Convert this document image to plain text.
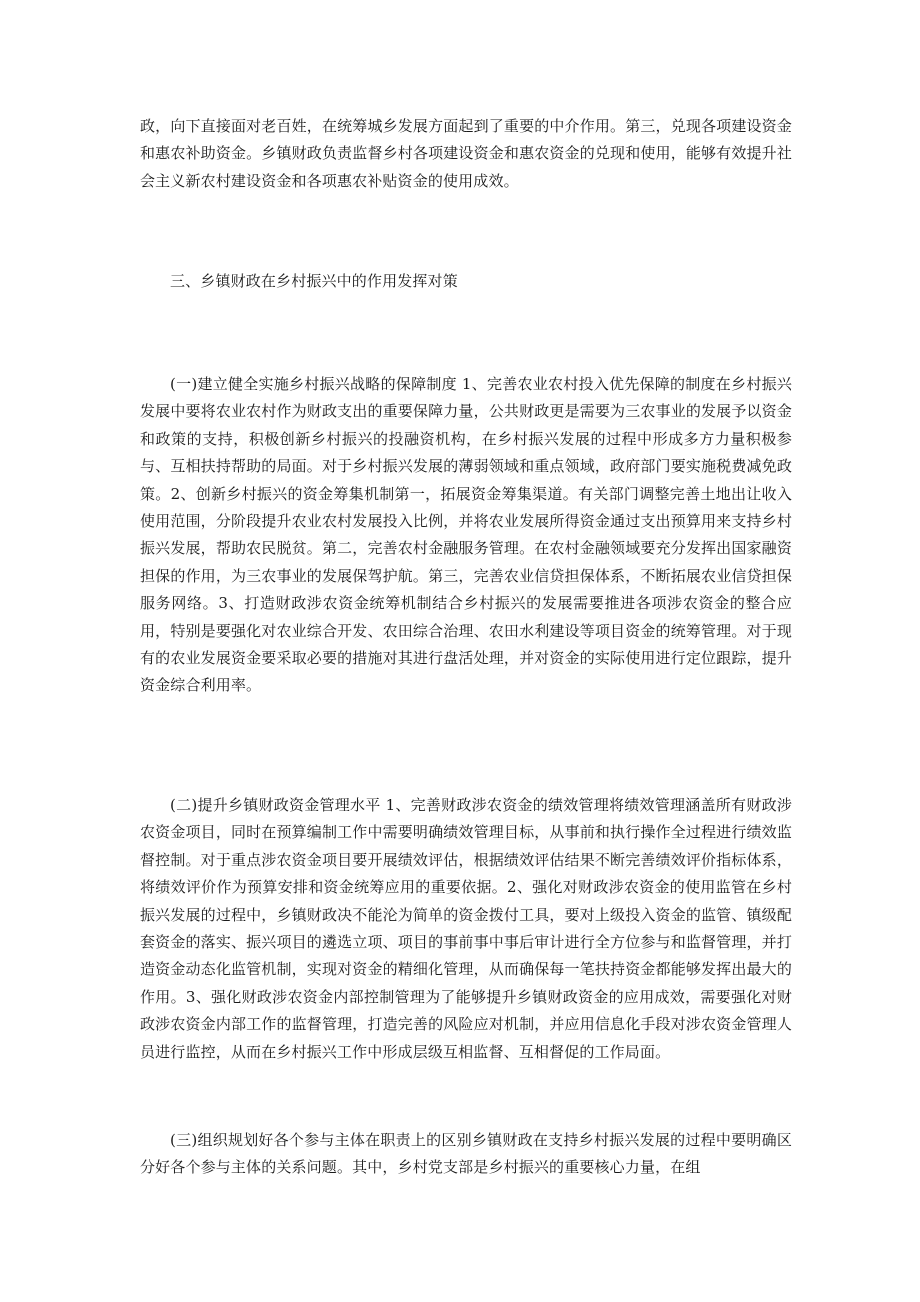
政，向下直接面对老百姓，在统筹城乡发展方面起到了重要的中介作用。第三，兑现各项建设资金和惠农补助资金。乡镇财政负责监督乡村各项建设资金和惠农资金的兑现和使用，能够有效提升社会主义新农村建设资金和各项惠农补贴资金的使用成效。

三、乡镇财政在乡村振兴中的作用发挥对策

(一)建立健全实施乡村振兴战略的保障制度 1、完善农业农村投入优先保障的制度在乡村振兴发展中要将农业农村作为财政支出的重要保障力量，公共财政更是需要为三农事业的发展予以资金和政策的支持，积极创新乡村振兴的投融资机构，在乡村振兴发展的过程中形成多方力量积极参与、互相扶持帮助的局面。对于乡村振兴发展的薄弱领域和重点领域，政府部门要实施税费减免政策。2、创新乡村振兴的资金筹集机制第一，拓展资金筹集渠道。有关部门调整完善土地出让收入使用范围，分阶段提升农业农村发展投入比例，并将农业发展所得资金通过支出预算用来支持乡村振兴发展，帮助农民脱贫。第二，完善农村金融服务管理。在农村金融领域要充分发挥出国家融资担保的作用，为三农事业的发展保驾护航。第三，完善农业信贷担保体系，不断拓展农业信贷担保服务网络。3、打造财政涉农资金统筹机制结合乡村振兴的发展需要推进各项涉农资金的整合应用，特别是要强化对农业综合开发、农田综合治理、农田水利建设等项目资金的统筹管理。对于现有的农业发展资金要采取必要的措施对其进行盘活处理，并对资金的实际使用进行定位跟踪，提升资金综合利用率。

(二)提升乡镇财政资金管理水平 1、完善财政涉农资金的绩效管理将绩效管理涵盖所有财政涉农资金项目，同时在预算编制工作中需要明确绩效管理目标，从事前和执行操作全过程进行绩效监督控制。对于重点涉农资金项目要开展绩效评估，根据绩效评估结果不断完善绩效评价指标体系，将绩效评价作为预算安排和资金统筹应用的重要依据。2、强化对财政涉农资金的使用监管在乡村振兴发展的过程中，乡镇财政决不能沦为简单的资金拨付工具，要对上级投入资金的监管、镇级配套资金的落实、振兴项目的遴选立项、项目的事前事中事后审计进行全方位参与和监督管理，并打造资金动态化监管机制，实现对资金的精细化管理，从而确保每一笔扶持资金都能够发挥出最大的作用。3、强化财政涉农资金内部控制管理为了能够提升乡镇财政资金的应用成效，需要强化对财政涉农资金内部工作的监督管理，打造完善的风险应对机制，并应用信息化手段对涉农资金管理人员进行监控，从而在乡村振兴工作中形成层级互相监督、互相督促的工作局面。

(三)组织规划好各个参与主体在职责上的区别乡镇财政在支持乡村振兴发展的过程中要明确区分好各个参与主体的关系问题。其中，乡村党支部是乡村振兴的重要核心力量，在组
